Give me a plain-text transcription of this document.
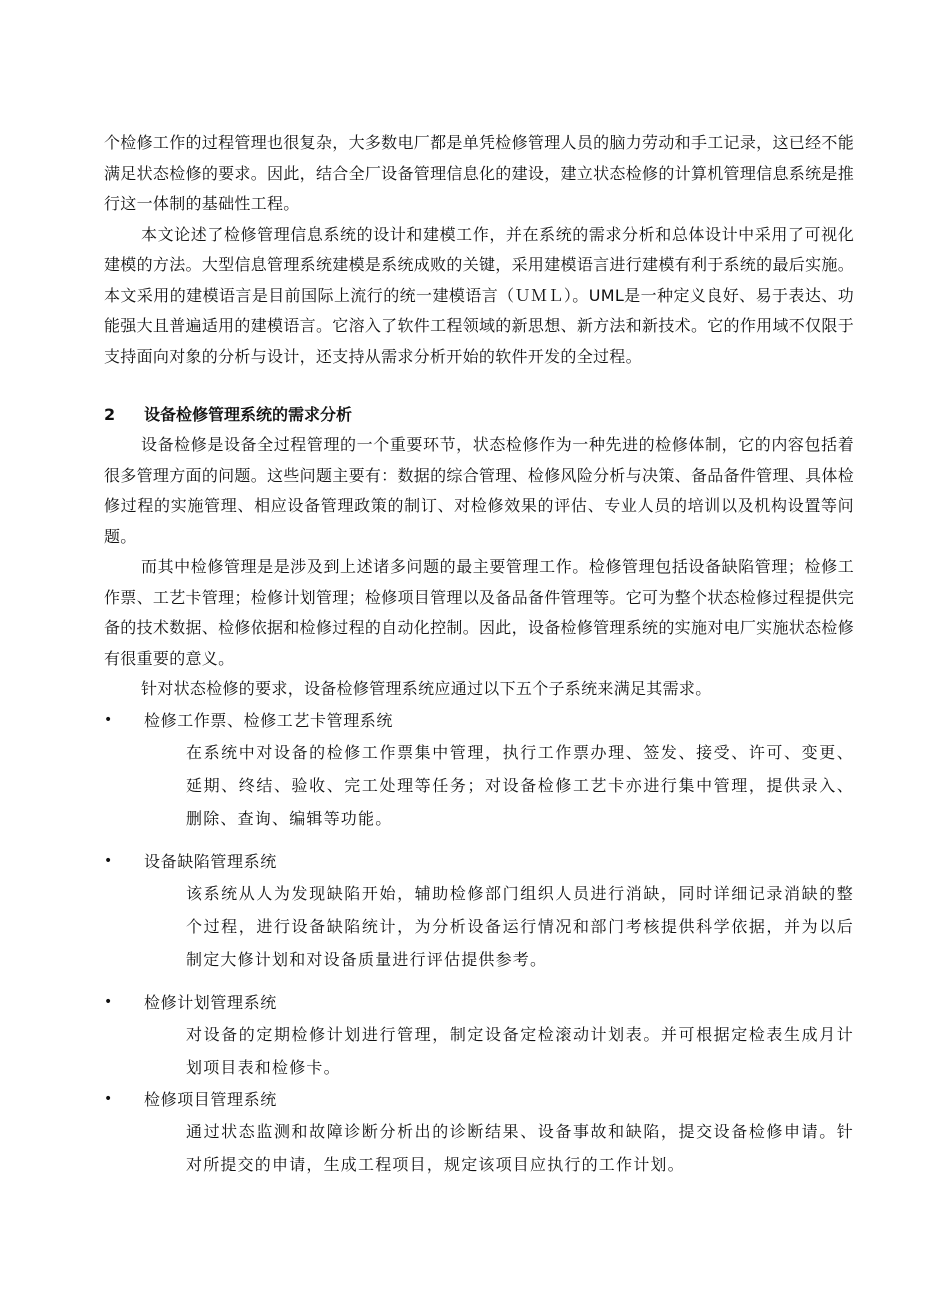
个检修工作的过程管理也很复杂，大多数电厂都是单凭检修管理人员的脑力劳动和手工记录，这已经不能满足状态检修的要求。因此，结合全厂设备管理信息化的建设，建立状态检修的计算机管理信息系统是推行这一体制的基础性工程。

本文论述了检修管理信息系统的设计和建模工作，并在系统的需求分析和总体设计中采用了可视化建模的方法。大型信息管理系统建模是系统成败的关键，采用建模语言进行建模有利于系统的最后实施。本文采用的建模语言是目前国际上流行的统一建模语言（ＵＭＬ）。UML是一种定义良好、易于表达、功能强大且普遍适用的建模语言。它溶入了软件工程领域的新思想、新方法和新技术。它的作用域不仅限于支持面向对象的分析与设计，还支持从需求分析开始的软件开发的全过程。

2	设备检修管理系统的需求分析

设备检修是设备全过程管理的一个重要环节，状态检修作为一种先进的检修体制，它的内容包括着很多管理方面的问题。这些问题主要有：数据的综合管理、检修风险分析与决策、备品备件管理、具体检修过程的实施管理、相应设备管理政策的制订、对检修效果的评估、专业人员的培训以及机构设置等问题。

而其中检修管理是是涉及到上述诸多问题的最主要管理工作。检修管理包括设备缺陷管理；检修工作票、工艺卡管理；检修计划管理；检修项目管理以及备品备件管理等。它可为整个状态检修过程提供完备的技术数据、检修依据和检修过程的自动化控制。因此，设备检修管理系统的实施对电厂实施状态检修有很重要的意义。

针对状态检修的要求，设备检修管理系统应通过以下五个子系统来满足其需求。

•	检修工作票、检修工艺卡管理系统

在系统中对设备的检修工作票集中管理，执行工作票办理、签发、接受、许可、变更、延期、终结、验收、完工处理等任务；对设备检修工艺卡亦进行集中管理，提供录入、删除、查询、编辑等功能。

•	设备缺陷管理系统

该系统从人为发现缺陷开始，辅助检修部门组织人员进行消缺，同时详细记录消缺的整个过程，进行设备缺陷统计，为分析设备运行情况和部门考核提供科学依据，并为以后制定大修计划和对设备质量进行评估提供参考。

•	检修计划管理系统

对设备的定期检修计划进行管理，制定设备定检滚动计划表。并可根据定检表生成月计划项目表和检修卡。

•	检修项目管理系统

通过状态监测和故障诊断分析出的诊断结果、设备事故和缺陷，提交设备检修申请。针对所提交的申请，生成工程项目，规定该项目应执行的工作计划。
